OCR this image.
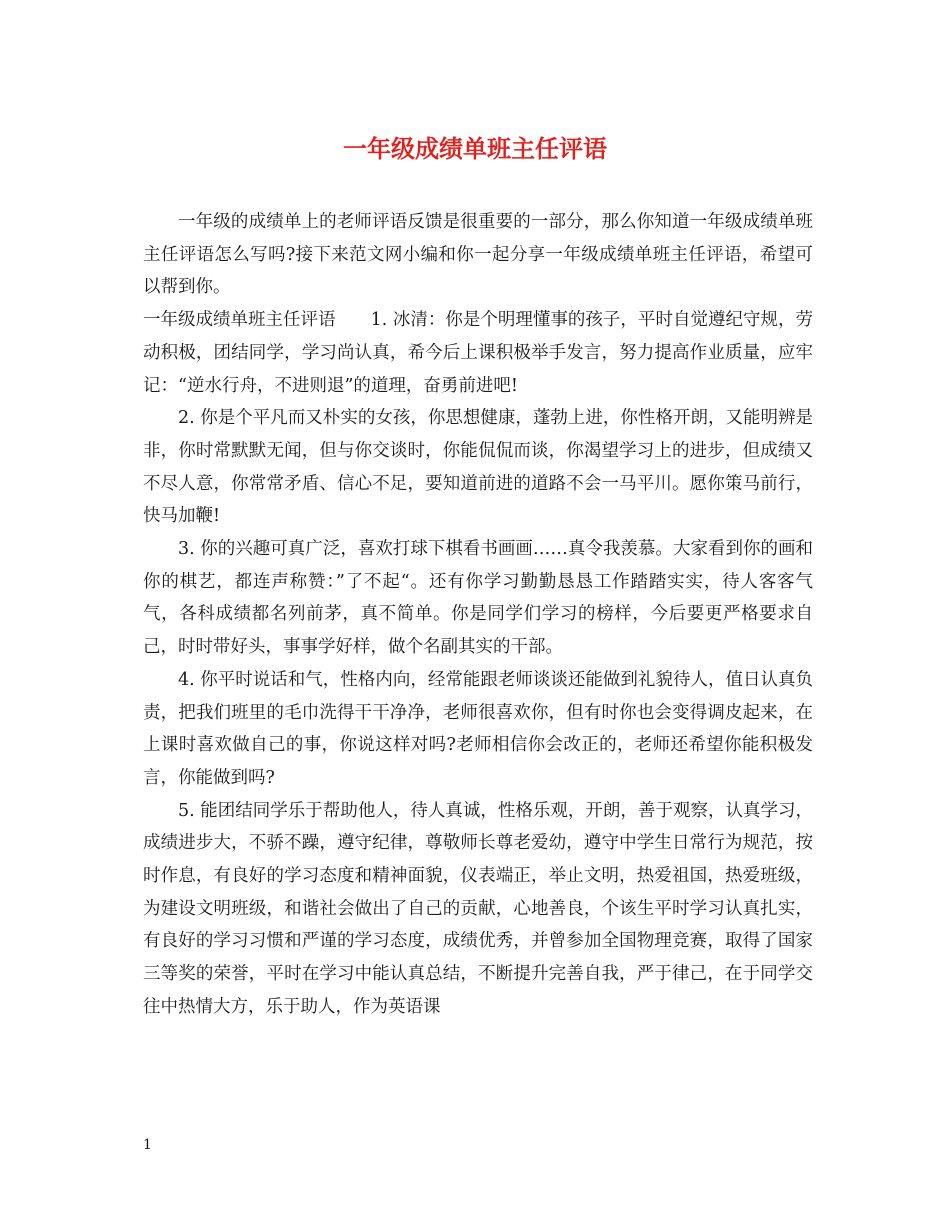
一年级成绩单班主任评语

一年级的成绩单上的老师评语反馈是很重要的一部分，那么你知道一年级成绩单班主任评语怎么写吗?接下来范文网小编和你一起分享一年级成绩单班主任评语，希望可以帮到你。

一年级成绩单班主任评语　　1. 冰清：你是个明理懂事的孩子，平时自觉遵纪守规，劳动积极，团结同学，学习尚认真，希今后上课积极举手发言，努力提高作业质量，应牢记：“逆水行舟，不进则退”的道理，奋勇前进吧!

2. 你是个平凡而又朴实的女孩，你思想健康，蓬勃上进，你性格开朗，又能明辨是非，你时常默默无闻，但与你交谈时，你能侃侃而谈，你渴望学习上的进步，但成绩又不尽人意，你常常矛盾、信心不足，要知道前进的道路不会一马平川。愿你策马前行，快马加鞭!

3. 你的兴趣可真广泛，喜欢打球下棋看书画画……真令我羡慕。大家看到你的画和你的棋艺，都连声称赞：”了不起“。还有你学习勤勤恳恳工作踏踏实实，待人客客气气，各科成绩都名列前茅，真不简单。你是同学们学习的榜样，今后要更严格要求自己，时时带好头，事事学好样，做个名副其实的干部。

4. 你平时说话和气，性格内向，经常能跟老师谈谈还能做到礼貌待人，值日认真负责，把我们班里的毛巾洗得干干净净，老师很喜欢你，但有时你也会变得调皮起来，在上课时喜欢做自己的事，你说这样对吗?老师相信你会改正的，老师还希望你能积极发言，你能做到吗?

5. 能团结同学乐于帮助他人，待人真诚，性格乐观，开朗，善于观察，认真学习，成绩进步大，不骄不躁，遵守纪律，尊敬师长尊老爱幼，遵守中学生日常行为规范，按时作息，有良好的学习态度和精神面貌，仪表端正，举止文明，热爱祖国，热爱班级，为建设文明班级，和谐社会做出了自己的贡献，心地善良，个该生平时学习认真扎实，有良好的学习习惯和严谨的学习态度，成绩优秀，并曾参加全国物理竞赛，取得了国家三等奖的荣誉，平时在学习中能认真总结，不断提升完善自我，严于律己，在于同学交往中热情大方，乐于助人，作为英语课

1
